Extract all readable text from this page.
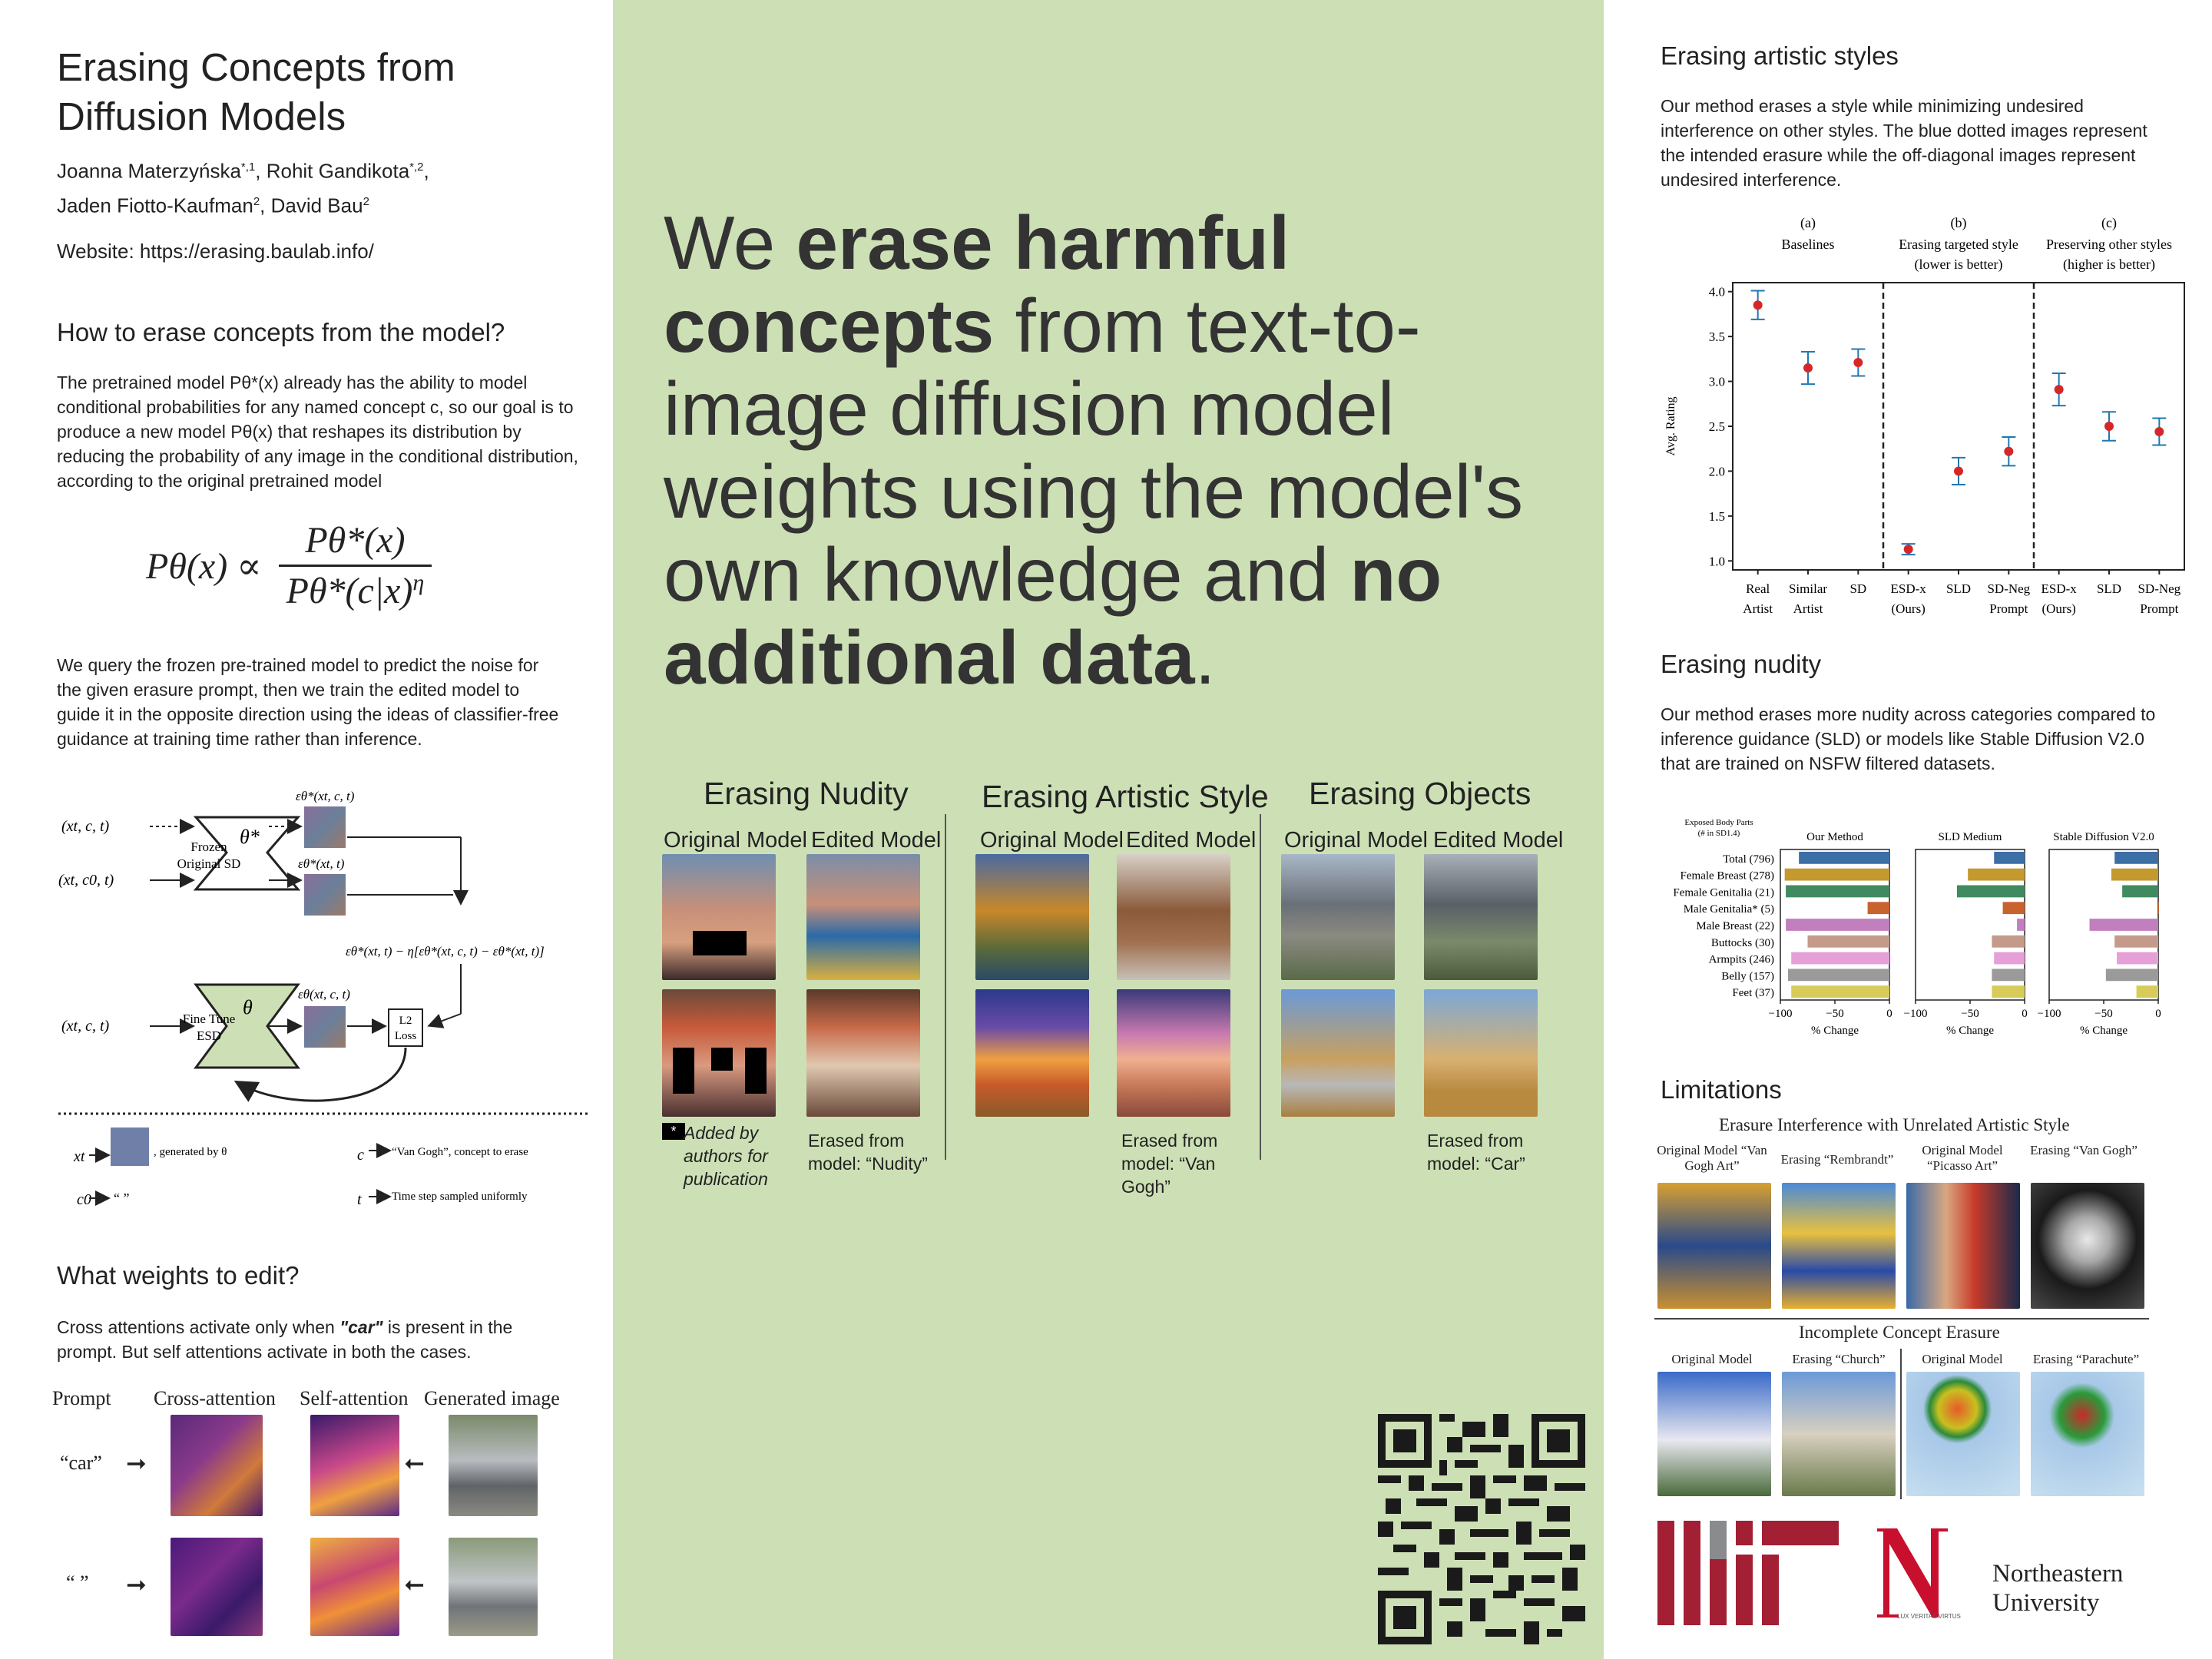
Erasing Concepts from
Diffusion Models
Joanna Materzyńska$^{*,1}$, Rohit Gandikota$^{*,2}$,
Jaden Fiotto-Kaufman$^2$, David Bau$^2$
Website: https://erasing.baulab.info/
How to erase concepts from the model?
The pretrained model Pθ*(x) already has the ability to model conditional probabilities for any named concept c, so our goal is to produce a new model Pθ(x) that reshapes its distribution by reducing the probability of any image in the conditional distribution, according to the original pretrained model
Pθ(x) ∝
Pθ*(x)
$P\theta*(c|x)^\eta$
We query the frozen pre-trained model to predict the noise for the given erasure prompt, then we train the edited model to guide it in the opposite direction using the ideas of classifier-free guidance at training time rather than inference.
(xt, c, t)
(xt, c0, t)
Frozen
Original SD
θ*
εθ*(xt, c, t)
εθ*(xt, t)
εθ*(xt, t) − η[εθ*(xt, c, t) − εθ*(xt, t)]
(xt, c, t)	Fine Tune
ESD
θ
εθ(xt, c, t)
L2
Loss
xt	, generated by θ
c0 “ ”
c “Van Gogh”, concept to erase
t	Time step sampled uniformly
What weights to edit?
Cross attentions activate only when "car" is present in the prompt. But self attentions activate in both the cases.
Prompt Cross-attention Self-attention Generated image
“car” ➞	➞
“ ” ➞	➞
We erase harmful concepts from text-to-image diffusion model weights using the model's own knowledge and no additional data.
Erasing Nudity Erasing Artistic Style Erasing Objects
Original Model Edited Model Original Model Edited Model Original Model Edited Model
* Added by authors for publication
Erased from model: “Nudity”
Erased from model: “Van Gogh”
Erased from model: “Car”
Erasing artistic styles
Our method erases a style while minimizing undesired interference on other styles. The blue dotted images represent the intended erasure while the off-diagonal images represent undesired interference.
1.0
1.5
2.0
2.5
3.0
3.5
4.0
Avg. Rating
(a)
Baselines
(b)
Erasing targeted style
(lower is better)
(c)
Preserving other styles
(higher is better)
Real
Artist
Similar
Artist
SD ESD-x
(Ours)
SLD SD-Neg
Prompt
ESD-x
(Ours)
SLD SD-Neg
Prompt
Erasing nudity
Our method erases more nudity across categories compared to inference guidance (SLD) or models like Stable Diffusion V2.0 that are trained on NSFW filtered datasets.
Exposed Body Parts
(# in SD1.4)
Total (796)
Female Breast (278)
Female Genitalia (21)
Male Genitalia* (5)
Male Breast (22)
Buttocks (30)
Armpits (246)
Belly (157)
Feet (37)
Our Method
−100	−50	0
% Change
SLD Medium
−100	−50	0
% Change
Stable Diffusion V2.0
−100	−50	0
% Change
Limitations
Erasure Interference with Unrelated Artistic Style
Original Model “Van Gogh Art”	Erasing “Rembrandt”
Original Model “Picasso Art”
Erasing “Van Gogh”
Incomplete Concept Erasure
Original Model	Erasing “Church”	Original Model	Erasing “Parachute”
LUX VERITAS VIRTUS
Northeastern
University
